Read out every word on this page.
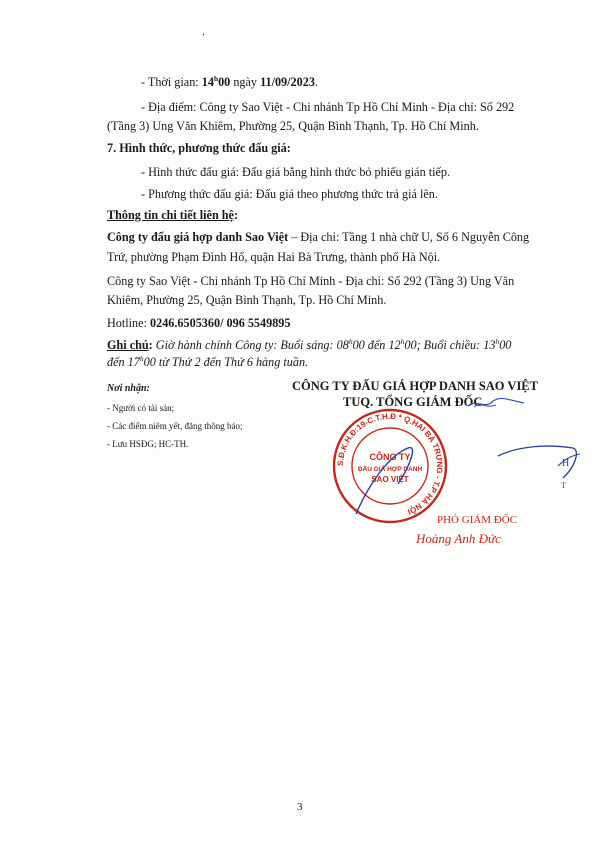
- Thời gian: 14$^h$00 ngày 11/09/2023.
- Địa điểm: Công ty Sao Việt - Chi nhánh Tp Hồ Chí Minh - Địa chỉ: Số 292
(Tầng 3) Ung Văn Khiêm, Phường 25, Quận Bình Thạnh, Tp. Hồ Chí Minh.
7. Hình thức, phương thức đấu giá:
- Hình thức đấu giá: Đấu giá bằng hình thức bỏ phiếu gián tiếp.
- Phương thức đấu giá: Đấu giá theo phương thức trả giá lên.
Thông tin chi tiết liên hệ:
Công ty đấu giá hợp danh Sao Việt – Địa chỉ: Tầng 1 nhà chữ U, Số 6 Nguyễn Công
Trứ, phường Phạm Đình Hổ, quận Hai Bà Trưng, thành phố Hà Nội.
Công ty Sao Việt - Chi nhánh Tp Hồ Chí Minh - Địa chỉ: Số 292 (Tầng 3) Ung Văn
Khiêm, Phường 25, Quận Bình Thạnh, Tp. Hồ Chí Minh.
Hotline: 0246.6505360/ 096 5549895
Ghi chú: Giờ hành chính Công ty: Buổi sáng: 08$^h$00 đến 12$^h$00; Buổi chiều: 13$^h$00
đến 17$^h$00 từ Thứ 2 đến Thứ 6 hàng tuần.
Nơi nhận:
- Người có tài sản;
- Các điểm niêm yết, đăng thông báo;
- Lưu HSĐG; HC-TH.
CÔNG TY ĐẤU GIÁ HỢP DANH SAO VIỆT
TUQ. TỔNG GIÁM ĐỐC
S.Đ.K.H.Đ:19-C.T.H.Đ * Q.HAI BÀ TRƯNG - T.P HÀ NỘI
CÔNG TY
ĐẤU GIÁ HỢP DANH
SAO VIỆT
H
T
PHÓ GIÁM ĐỐC
Hoàng Anh Đức
3
